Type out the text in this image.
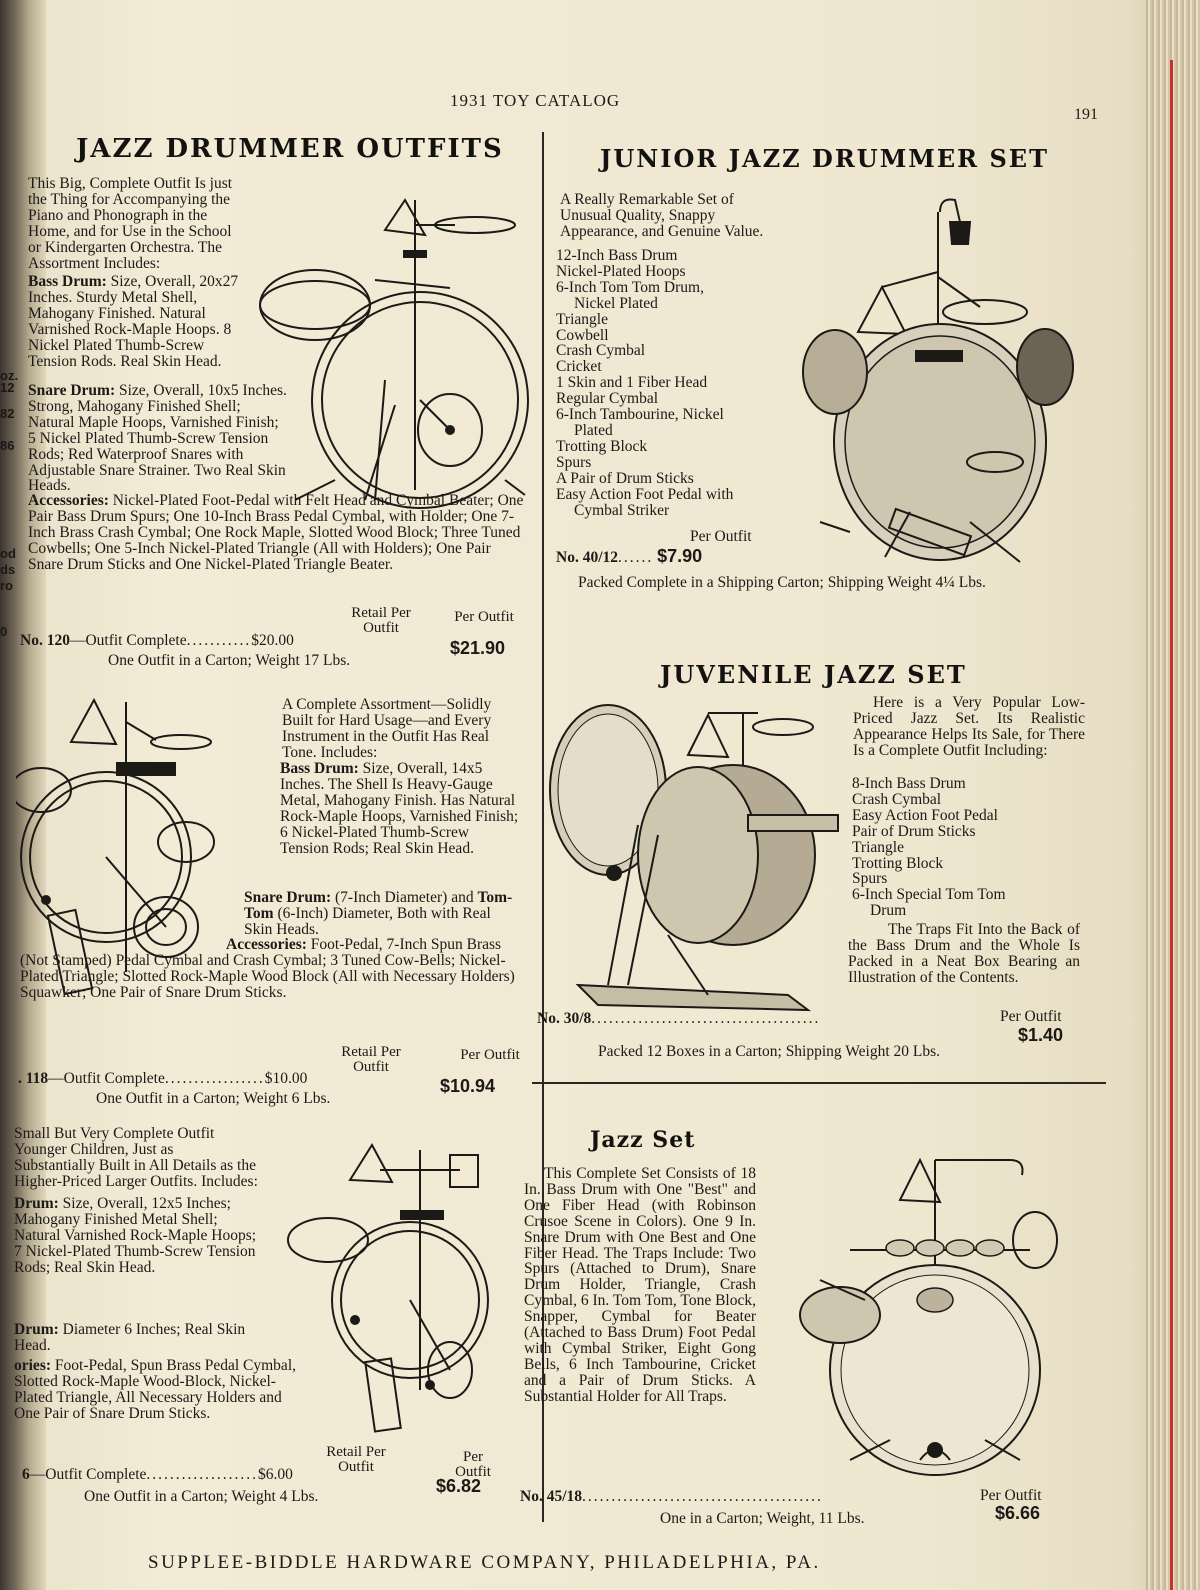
oz.
12
82
86
od
ds
ro
0
1931 TOY CATALOG
191
JAZZ DRUMMER OUTFITS
This Big, Complete Outfit Is just the Thing for Accompanying the Piano and Phonograph in the Home, and for Use in the School or Kindergarten Orchestra. The Assortment Includes:
Bass Drum: Size, Overall, 20x27 Inches. Sturdy Metal Shell, Mahogany Finished. Natural Varnished Rock-Maple Hoops. 8 Nickel Plated Thumb-Screw Tension Rods. Real Skin Head.
Snare Drum: Size, Overall, 10x5 Inches. Strong, Mahogany Finished Shell; Natural Maple Hoops, Varnished Finish; 5 Nickel Plated Thumb-Screw Tension Rods; Red Waterproof Snares with Adjustable Snare Strainer. Two Real Skin Heads.
Accessories: Nickel-Plated Foot-Pedal with Felt Head and Cymbal Beater; One Pair Bass Drum Spurs; One 10-Inch Brass Pedal Cymbal, with Holder; One 7-Inch Brass Crash Cymbal; One Rock Maple, Slotted Wood Block; Three Tuned Cowbells; One 5-Inch Nickel-Plated Triangle (All with Holders); One Pair Snare Drum Sticks and One Nickel-Plated Triangle Beater.
Retail Per Outfit
Per Outfit
No. 120—Outfit Complete...........$20.00	$21.90
One Outfit in a Carton; Weight 17 Lbs.
A Complete Assortment—Solidly Built for Hard Usage—and Every Instrument in the Outfit Has Real Tone. Includes:
Bass Drum: Size, Overall, 14x5 Inches. The Shell Is Heavy-Gauge Metal, Mahogany Finish. Has Natural Rock-Maple Hoops, Varnished Finish; 6 Nickel-Plated Thumb-Screw Tension Rods; Real Skin Head.
Snare Drum: (7-Inch Diameter) and Tom-Tom (6-Inch) Diameter, Both with Real Skin Heads.
Accessories: Foot-Pedal, 7-Inch Spun Brass (Not Stamped) Pedal Cymbal and Crash Cymbal; 3 Tuned Cow-Bells; Nickel-Plated Triangle; Slotted Rock-Maple Wood Block (All with Necessary Holders) Squawker; One Pair of Snare Drum Sticks.
Retail Per Outfit
Per Outfit
. 118—Outfit Complete.................$10.00	$10.94
One Outfit in a Carton; Weight 6 Lbs.
Small But Very Complete Outfit Younger Children, Just as Substantially Built in All Details as the Higher-Priced Larger Outfits. Includes:
Drum: Size, Overall, 12x5 Inches; Mahogany Finished Metal Shell; Natural Varnished Rock-Maple Hoops; 7 Nickel-Plated Thumb-Screw Tension Rods; Real Skin Head.
Drum: Diameter 6 Inches; Real Skin Head.
ories: Foot-Pedal, Spun Brass Pedal Cymbal, Slotted Rock-Maple Wood-Block, Nickel-Plated Triangle, All Necessary Holders and One Pair of Snare Drum Sticks.
Retail Per Outfit
Per Outfit
6—Outfit Complete...................$6.00
$6.82
One Outfit in a Carton; Weight 4 Lbs.
JUNIOR JAZZ DRUMMER SET
A Really Remarkable Set of Unusual Quality, Snappy Appearance, and Genuine Value.
12-Inch Bass Drum
Nickel-Plated Hoops
6-Inch Tom Tom Drum,
Nickel Plated
Triangle
Cowbell
Crash Cymbal
Cricket
1 Skin and 1 Fiber Head
Regular Cymbal
6-Inch Tambourine, Nickel
Plated
Trotting Block
Spurs
A Pair of Drum Sticks
Easy Action Foot Pedal with
Cymbal Striker
Per Outfit
No. 40/12...... $7.90
Packed Complete in a Shipping Carton; Shipping Weight 4¼ Lbs.
JUVENILE JAZZ SET
Here is a Very Popular Low-Priced Jazz Set. Its Realistic Appearance Helps Its Sale, for There Is a Complete Outfit Including:
8-Inch Bass Drum
Crash Cymbal
Easy Action Foot Pedal
Pair of Drum Sticks
Triangle
Trotting Block
Spurs
6-Inch Special Tom Tom
Drum
The Traps Fit Into the Back of the Bass Drum and the Whole Is Packed in a Neat Box Bearing an Illustration of the Contents.
Per Outfit
No. 30/8.......................................
$1.40
Packed 12 Boxes in a Carton; Shipping Weight 20 Lbs.
Jazz Set
This Complete Set Consists of 18 In. Bass Drum with One "Best" and One Fiber Head (with Robinson Crusoe Scene in Colors). One 9 In. Snare Drum with One Best and One Fiber Head. The Traps Include: Two Spurs (Attached to Drum), Snare Drum Holder, Triangle, Crash Cymbal, 6 In. Tom Tom, Tone Block, Snapper, Cymbal for Beater (Attached to Bass Drum) Foot Pedal with Cymbal Striker, Eight Gong Bells, 6 Inch Tambourine, Cricket and a Pair of Drum Sticks. A Substantial Holder for All Traps.
Per Outfit
No. 45/18.........................................
$6.66
One in a Carton; Weight, 11 Lbs.
SUPPLEE-BIDDLE HARDWARE COMPANY, PHILADELPHIA, PA.
